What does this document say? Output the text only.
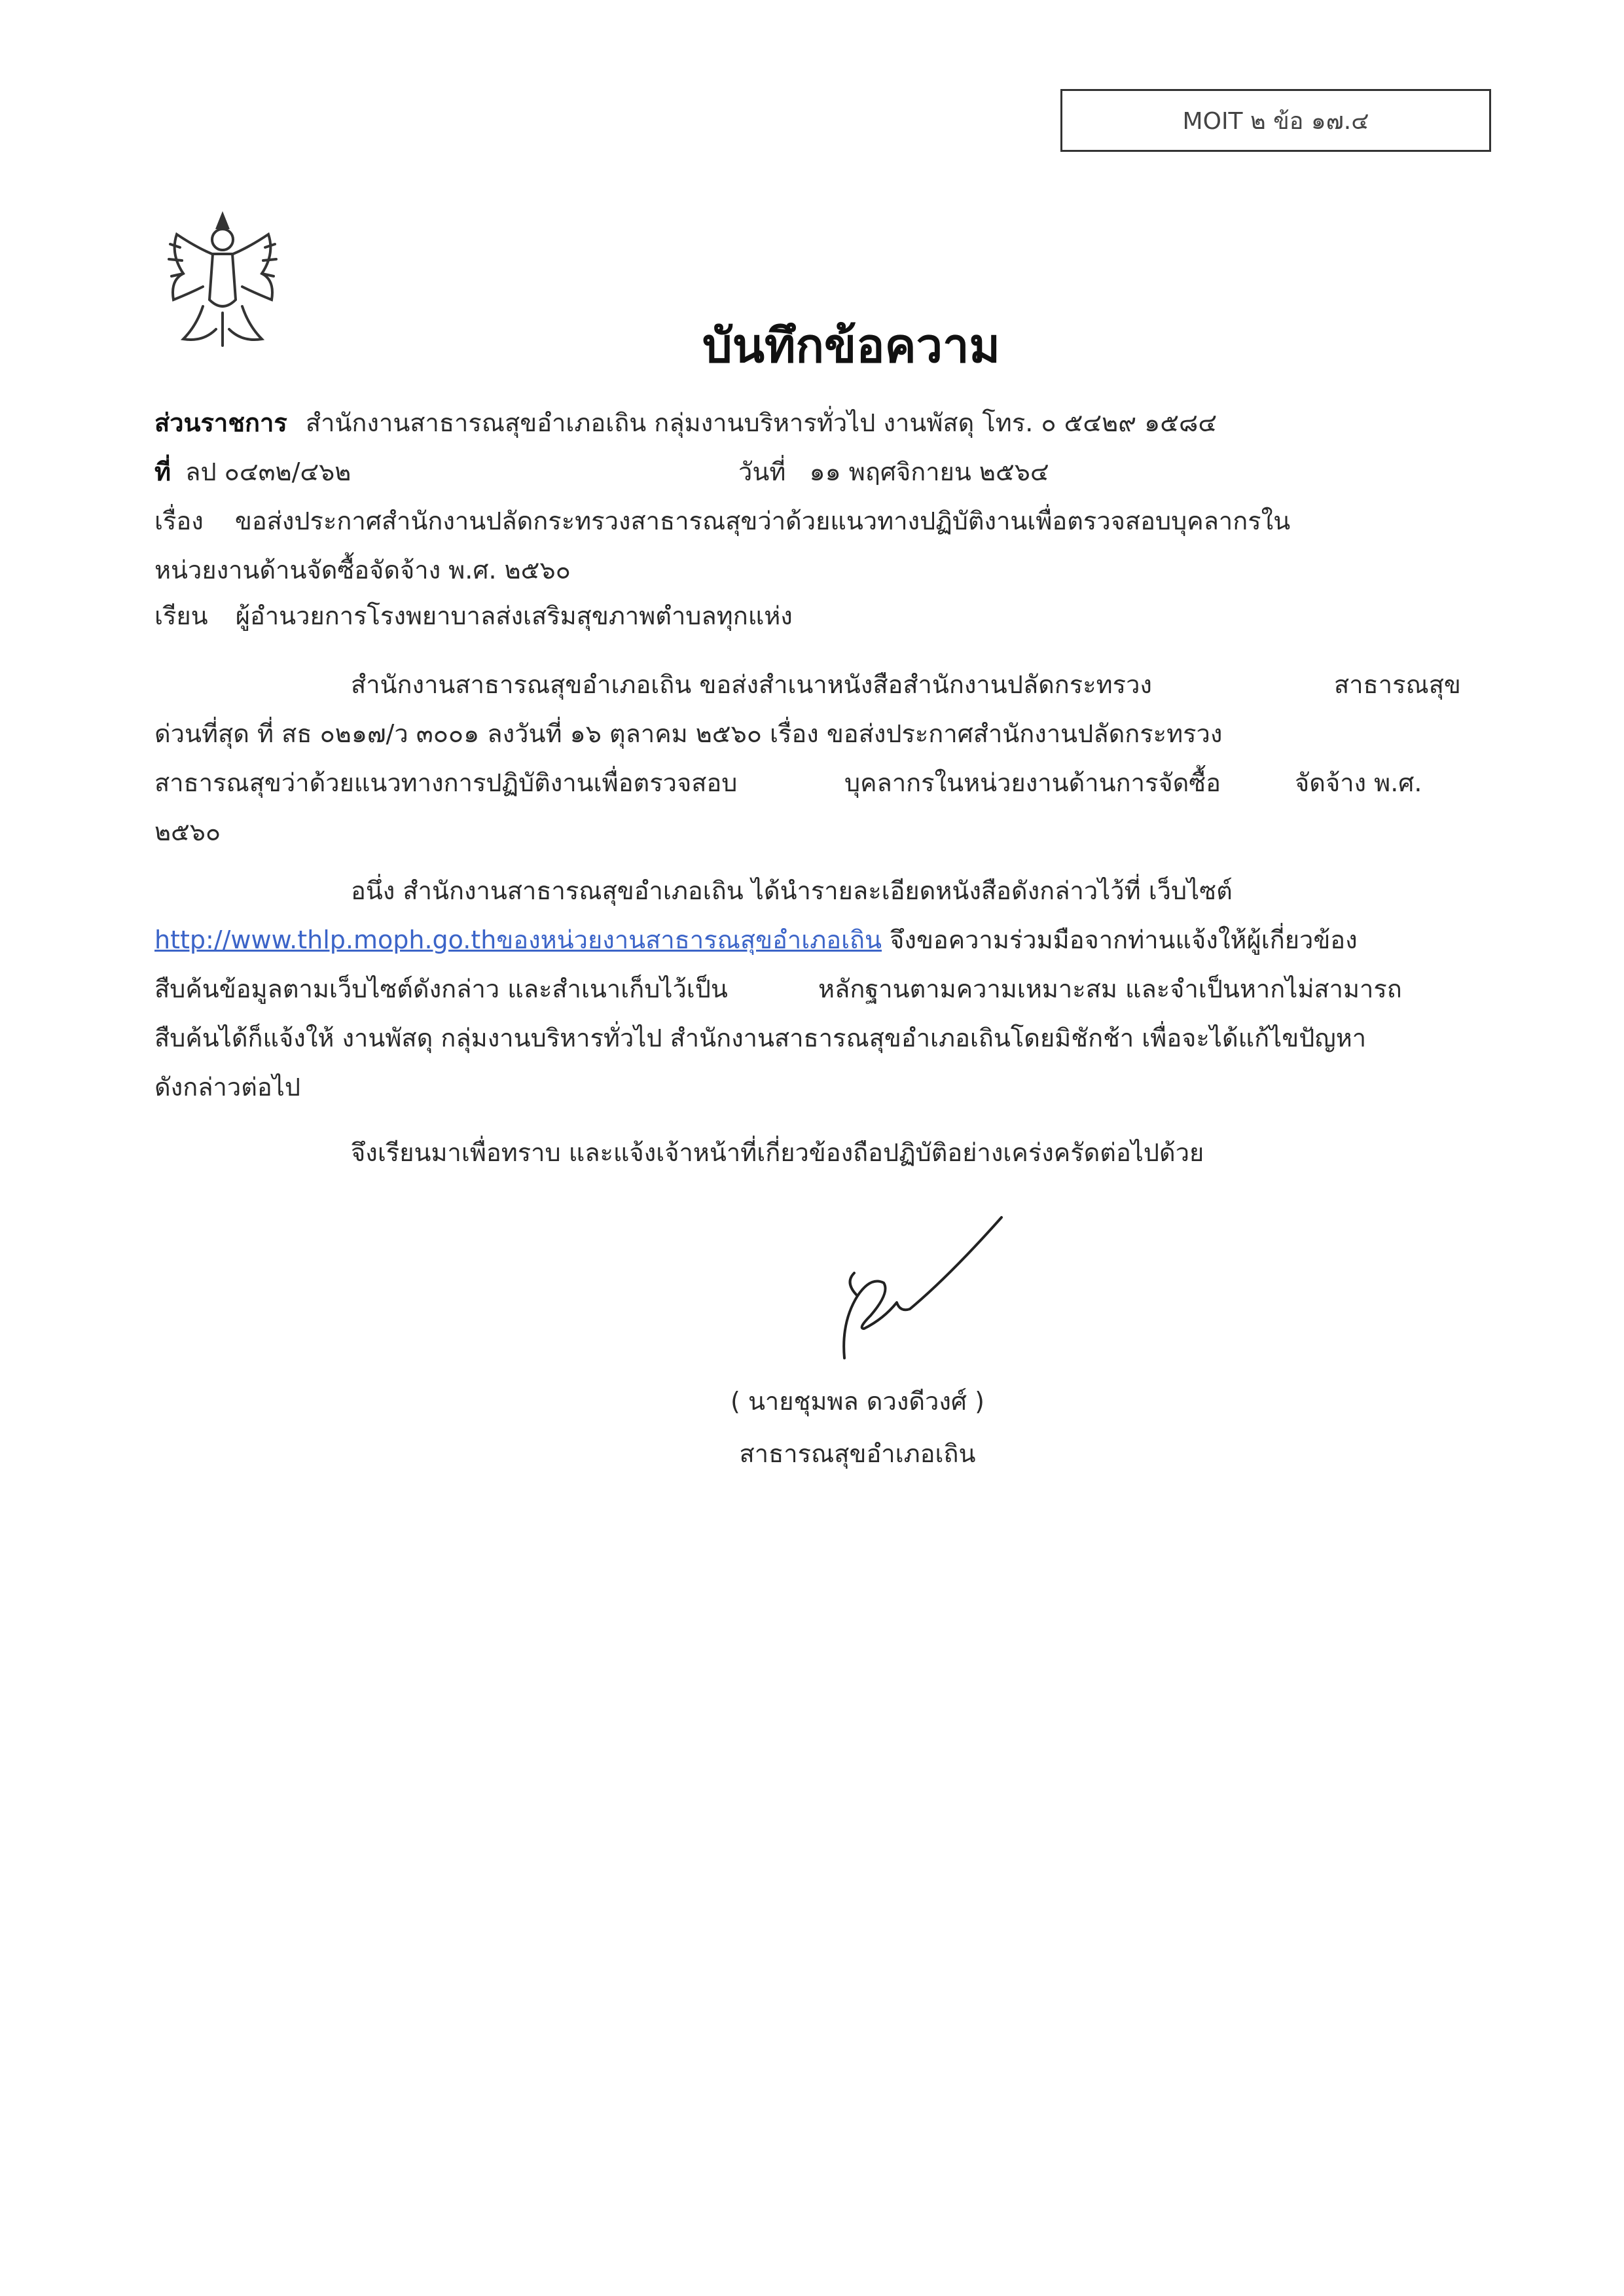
MOIT ๒ ข้อ ๑๗.๔
บันทึกข้อความ
ส่วนราชการ สำนักงานสาธารณสุขอำเภอเถิน กลุ่มงานบริหารทั่วไป งานพัสดุ โทร. ๐ ๕๔๒๙ ๑๕๘๔
ที่ ลป ๐๔๓๒/๔๖๒	วันที่ ๑๑ พฤศจิกายน ๒๕๖๔
เรื่อง ขอส่งประกาศสำนักงานปลัดกระทรวงสาธารณสุขว่าด้วยแนวทางปฏิบัติงานเพื่อตรวจสอบบุคลากรใน
หน่วยงานด้านจัดซื้อจัดจ้าง พ.ศ. ๒๕๖๐
เรียน ผู้อำนวยการโรงพยาบาลส่งเสริมสุขภาพตำบลทุกแห่ง
สำนักงานสาธารณสุขอำเภอเถิน ขอส่งสำเนาหนังสือสำนักงานปลัดกระทรวง	สาธารณสุข
ด่วนที่สุด ที่ สธ ๐๒๑๗/ว ๓๐๐๑ ลงวันที่ ๑๖ ตุลาคม ๒๕๖๐ เรื่อง ขอส่งประกาศสำนักงานปลัดกระทรวง
สาธารณสุขว่าด้วยแนวทางการปฏิบัติงานเพื่อตรวจสอบ	บุคลากรในหน่วยงานด้านการจัดซื้อ	จัดจ้าง พ.ศ.
๒๕๖๐
อนึ่ง สำนักงานสาธารณสุขอำเภอเถิน ได้นำรายละเอียดหนังสือดังกล่าวไว้ที่ เว็บไซต์
http://www.thlp.moph.go.thของหน่วยงานสาธารณสุขอำเภอเถิน จึงขอความร่วมมือจากท่านแจ้งให้ผู้เกี่ยวข้อง
สืบค้นข้อมูลตามเว็บไซต์ดังกล่าว และสำเนาเก็บไว้เป็น	หลักฐานตามความเหมาะสม และจำเป็นหากไม่สามารถ
สืบค้นได้ก็แจ้งให้ งานพัสดุ กลุ่มงานบริหารทั่วไป สำนักงานสาธารณสุขอำเภอเถินโดยมิชักช้า เพื่อจะได้แก้ไขปัญหา
ดังกล่าวต่อไป
จึงเรียนมาเพื่อทราบ และแจ้งเจ้าหน้าที่เกี่ยวข้องถือปฏิบัติอย่างเคร่งครัดต่อไปด้วย
( นายชุมพล ดวงดีวงศ์ )
สาธารณสุขอำเภอเถิน
